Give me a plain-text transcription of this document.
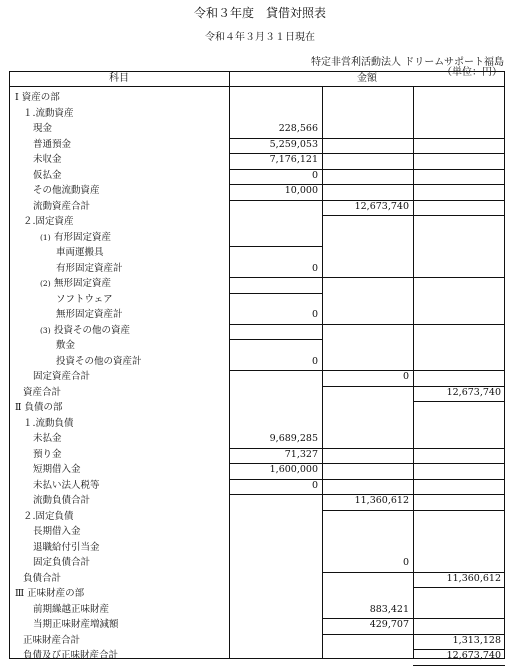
令和３年度　貸借対照表
令和４年３月３１日現在
特定非営利活動法人 ドリームサポート福島
（単位：円）
科目	金額
Ⅰ 資産の部
１.流動資産
現金	228,566
普通預金	5,259,053
未収金	7,176,121
仮払金	0
その他流動資産	10,000
流動資産合計	12,673,740
２.固定資産
(1) 有形固定資産
車両運搬具
有形固定資産計	0
(2) 無形固定資産
ソフトウェア
無形固定資産計	0
(3) 投資その他の資産
敷金
投資その他の資産計	0
固定資産合計	0
資産合計	12,673,740
Ⅱ 負債の部
１.流動負債
未払金	9,689,285
預り金	71,327
短期借入金	1,600,000
未払い法人税等	0
流動負債合計	11,360,612
２.固定負債
長期借入金
退職給付引当金
固定負債合計	0
負債合計	11,360,612
Ⅲ 正味財産の部
前期繰越正味財産	883,421
当期正味財産増減額	429,707
正味財産合計	1,313,128
負債及び正味財産合計	12,673,740
